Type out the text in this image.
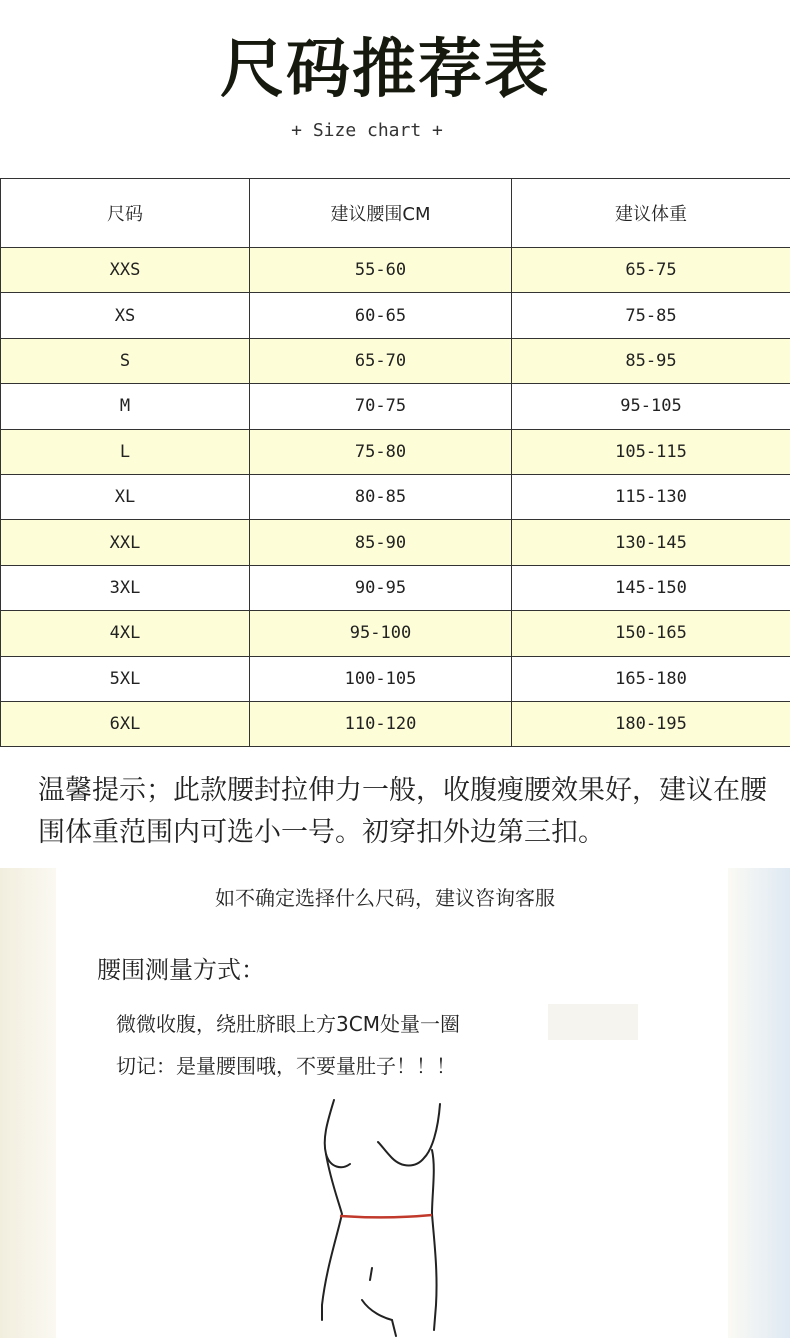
尺码推荐表
+ Size chart +
尺码	建议腰围CM	建议体重
XXS	55-60	65-75
XS	60-65	75-85
S	65-70	85-95
M	70-75	95-105
L	75-80	105-115
XL	80-85	115-130
XXL	85-90	130-145
3XL	90-95	145-150
4XL	95-100	150-165
5XL	100-105	165-180
6XL	110-120	180-195
温馨提示；此款腰封拉伸力一般，收腹瘦腰效果好，建议在腰围体重范围内可选小一号。初穿扣外边第三扣。
如不确定选择什么尺码，建议咨询客服
腰围测量方式：
微微收腹，绕肚脐眼上方3CM处量一圈
切记：是量腰围哦，不要量肚子！！！
